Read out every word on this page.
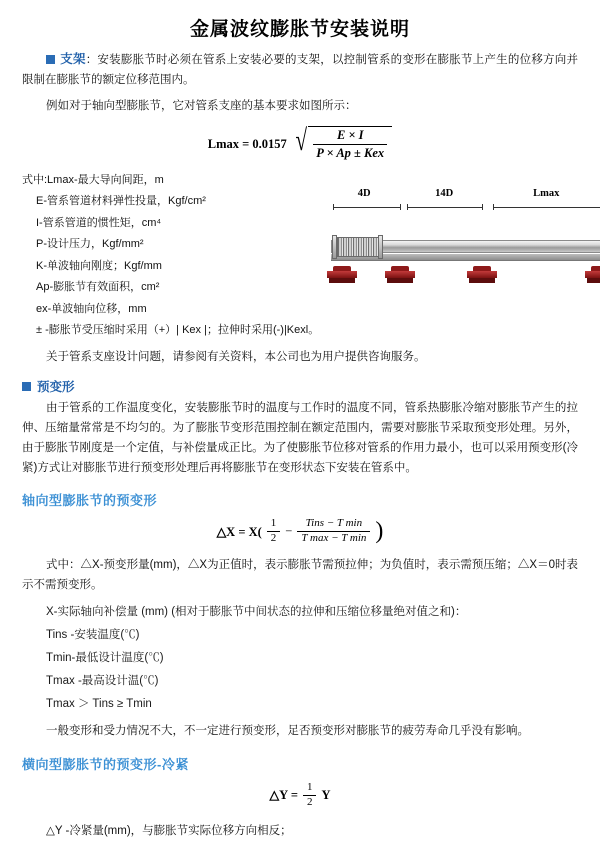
金属波纹膨胀节安装说明

支架：安装膨胀节时必须在管系上安装必要的支架，以控制管系的变形在膨胀节上产生的位移方向并限制在膨胀节的额定位移范围内。

例如对于轴向型膨胀节，它对管系支座的基本要求如图所示：

Lmax = 0.0157 √ $\frac{E \times I}{\text{P × Ap ± Kex}}$
式中:Lmax-最大导向间距，m
E-管系管道材料弹性投量，Kgf/cm²
I-管系管道的惯性矩，cm⁴
P-设计压力，Kgf/mm²
K-单波轴向刚度；Kgf/mm
Ap-膨胀节有效面积，cm²
ex-单波轴向位移，mm
± -膨胀节受压缩时采用（+）| Kex |；拉伸时采用(-)|Kexl。
4D	14D	Lmax

关于管系支座设计问题，请参阅有关资料，本公司也为用户提供咨询服务。

预变形

由于管系的工作温度变化，安装膨胀节时的温度与工作时的温度不同，管系热膨胀冷缩对膨胀节产生的拉伸、压缩量常常是不均匀的。为了膨胀节变形范围控制在额定范围内，需要对膨胀节采取预变形处理。另外，由于膨胀节刚度是一个定值，与补偿量成正比。为了使膨胀节位移对管系的作用力最小，也可以采用预变形(冷紧)方式让对膨胀节进行预变形处理后再将膨胀节在变形状态下安装在管系中。

轴向型膨胀节的预变形
△X = $X( \frac{1}{2} - \frac{\text{Tins − T min}}{\text{T max − T min}}$ )

式中：△X-预变形量(mm)，△X为正值时，表示膨胀节需预拉伸；为负值时，表示需预压缩；△X＝0时表示不需预变形。

X-实际轴向补偿量 (mm) (相对于膨胀节中间状态的拉伸和压缩位移量绝对值之和)：
Tins -安装温度(℃)
Tmin-最低设计温度(℃)
Tmax -最高设计温(℃)
Tmax ＞ Tins ≥ Tmin

一般变形和受力情况不大，不一定进行预变形，足否预变形对膨胀节的疲劳寿命几乎没有影响。

横向型膨胀节的预变形-冷紧
△Y = $\frac{1}{2}$ Y

△Y -冷紧量(mm)，与膨胀节实际位移方向相反；
